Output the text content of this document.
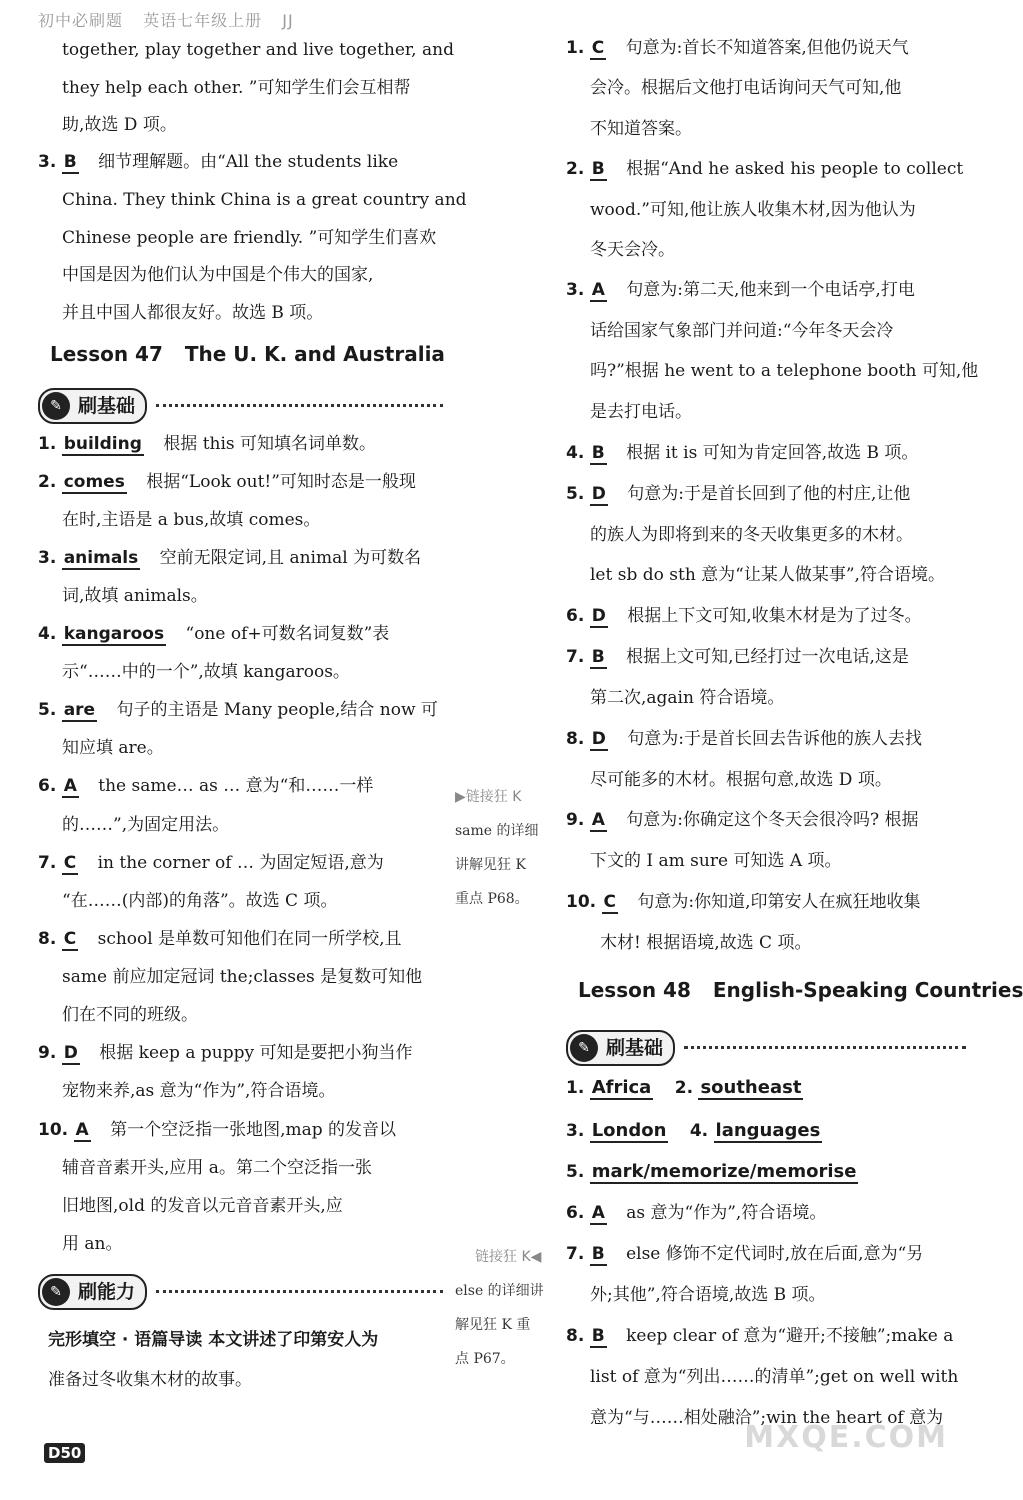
初中必刷题 英语七年级上册 JJ
together, play together and live together, and
they help each other. ”可知学生们会互相帮
助,故选 D 项。
3. B 细节理解题。由“All the students like
China. They think China is a great country and
Chinese people are friendly. ”可知学生们喜欢
中国是因为他们认为中国是个伟大的国家,
并且中国人都很友好。故选 B 项。
Lesson 47 The U. K. and Australia
✎ 刷基础
1. building 根据 this 可知填名词单数。
2. comes 根据“Look out!”可知时态是一般现
在时,主语是 a bus,故填 comes。
3. animals 空前无限定词,且 animal 为可数名
词,故填 animals。
4. kangaroos “one of+可数名词复数”表
示“……中的一个”,故填 kangaroos。
5. are 句子的主语是 Many people,结合 now 可
知应填 are。
6. A the same… as … 意为“和……一样
的……”,为固定用法。
7. C in the corner of … 为固定短语,意为
“在……(内部)的角落”。故选 C 项。
8. C school 是单数可知他们在同一所学校,且
same 前应加定冠词 the;classes 是复数可知他
们在不同的班级。
9. D 根据 keep a puppy 可知是要把小狗当作
宠物来养,as 意为“作为”,符合语境。
10. A 第一个空泛指一张地图,map 的发音以
辅音音素开头,应用 a。第二个空泛指一张
旧地图,old 的发音以元音音素开头,应
用 an。
✎ 刷能力
完形填空 · 语篇导读 本文讲述了印第安人为
准备过冬收集木材的故事。
▶链接狂 K
same 的详细
讲解见狂 K
重点 P68。
链接狂 K◀
else 的详细讲
解见狂 K 重
点 P67。
1. C 句意为:首长不知道答案,但他仍说天气
会冷。根据后文他打电话询问天气可知,他
不知道答案。
2. B 根据“And he asked his people to collect
wood.”可知,他让族人收集木材,因为他认为
冬天会冷。
3. A 句意为:第二天,他来到一个电话亭,打电
话给国家气象部门并问道:“今年冬天会冷
吗?”根据 he went to a telephone booth 可知,他
是去打电话。
4. B 根据 it is 可知为肯定回答,故选 B 项。
5. D 句意为:于是首长回到了他的村庄,让他
的族人为即将到来的冬天收集更多的木材。
let sb do sth 意为“让某人做某事”,符合语境。
6. D 根据上下文可知,收集木材是为了过冬。
7. B 根据上文可知,已经打过一次电话,这是
第二次,again 符合语境。
8. D 句意为:于是首长回去告诉他的族人去找
尽可能多的木材。根据句意,故选 D 项。
9. A 句意为:你确定这个冬天会很冷吗? 根据
下文的 I am sure 可知选 A 项。
10. C 句意为:你知道,印第安人在疯狂地收集
木材! 根据语境,故选 C 项。
Lesson 48 English-Speaking Countries
✎ 刷基础
1. Africa 2. southeast
3. London 4. languages
5. mark/memorize/memorise
6. A as 意为“作为”,符合语境。
7. B else 修饰不定代词时,放在后面,意为“另
外;其他”,符合语境,故选 B 项。
8. B keep clear of 意为“避开;不接触”;make a
list of 意为“列出……的清单”;get on well with
意为“与……相处融洽”;win the heart of 意为
D50	MXQE.COM
